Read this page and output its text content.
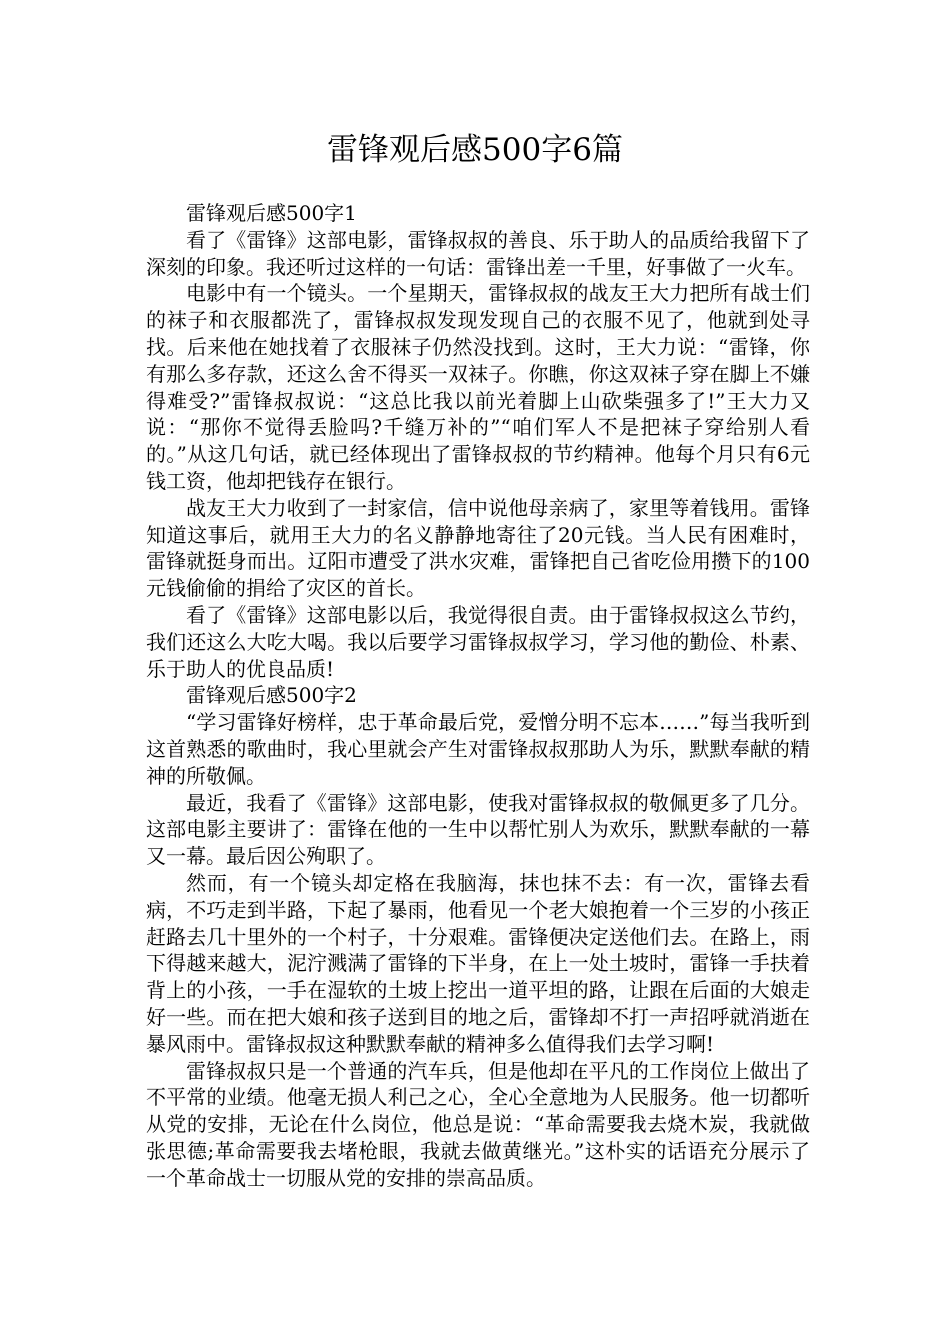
雷锋观后感500字6篇

雷锋观后感500字1

看了《雷锋》这部电影，雷锋叔叔的善良、乐于助人的品质给我留下了深刻的印象。我还听过这样的一句话：雷锋出差一千里，好事做了一火车。

电影中有一个镜头。一个星期天，雷锋叔叔的战友王大力把所有战士们的袜子和衣服都洗了，雷锋叔叔发现发现自己的衣服不见了，他就到处寻找。后来他在她找着了衣服袜子仍然没找到。这时，王大力说：“雷锋，你有那么多存款，还这么舍不得买一双袜子。你瞧，你这双袜子穿在脚上不嫌得难受?”雷锋叔叔说：“这总比我以前光着脚上山砍柴强多了!”王大力又说：“那你不觉得丢脸吗?千缝万补的”“咱们军人不是把袜子穿给别人看的。”从这几句话，就已经体现出了雷锋叔叔的节约精神。他每个月只有6元钱工资，他却把钱存在银行。

战友王大力收到了一封家信，信中说他母亲病了，家里等着钱用。雷锋知道这事后，就用王大力的名义静静地寄往了20元钱。当人民有困难时，雷锋就挺身而出。辽阳市遭受了洪水灾难，雷锋把自己省吃俭用攒下的100元钱偷偷的捐给了灾区的首长。

看了《雷锋》这部电影以后，我觉得很自责。由于雷锋叔叔这么节约，我们还这么大吃大喝。我以后要学习雷锋叔叔学习，学习他的勤俭、朴素、乐于助人的优良品质!

雷锋观后感500字2

“学习雷锋好榜样，忠于革命最后党，爱憎分明不忘本……”每当我听到这首熟悉的歌曲时，我心里就会产生对雷锋叔叔那助人为乐，默默奉献的精神的所敬佩。

最近，我看了《雷锋》这部电影，使我对雷锋叔叔的敬佩更多了几分。这部电影主要讲了：雷锋在他的一生中以帮忙别人为欢乐，默默奉献的一幕又一幕。最后因公殉职了。

然而，有一个镜头却定格在我脑海，抹也抹不去：有一次，雷锋去看病，不巧走到半路，下起了暴雨，他看见一个老大娘抱着一个三岁的小孩正赶路去几十里外的一个村子，十分艰难。雷锋便决定送他们去。在路上，雨下得越来越大，泥泞溅满了雷锋的下半身，在上一处土坡时，雷锋一手扶着背上的小孩，一手在湿软的土坡上挖出一道平坦的路，让跟在后面的大娘走好一些。而在把大娘和孩子送到目的地之后，雷锋却不打一声招呼就消逝在暴风雨中。雷锋叔叔这种默默奉献的精神多么值得我们去学习啊!

雷锋叔叔只是一个普通的汽车兵，但是他却在平凡的工作岗位上做出了不平常的业绩。他毫无损人利己之心，全心全意地为人民服务。他一切都听从党的安排，无论在什么岗位，他总是说：“革命需要我去烧木炭，我就做张思德;革命需要我去堵枪眼，我就去做黄继光。”这朴实的话语充分展示了一个革命战士一切服从党的安排的崇高品质。
